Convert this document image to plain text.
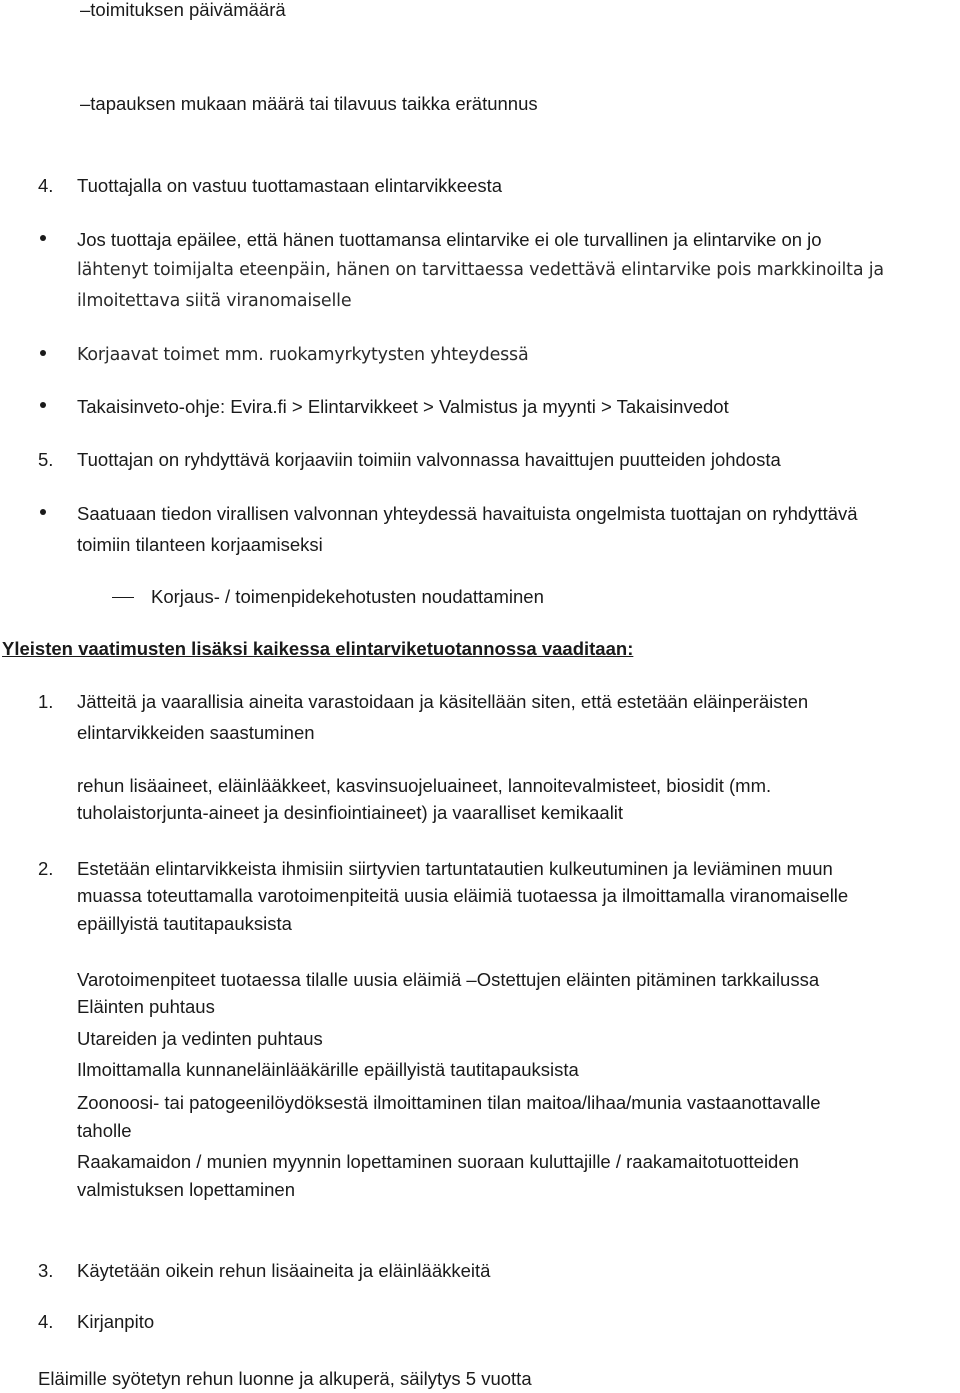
–toimituksen päivämäärä
–tapauksen mukaan määrä tai tilavuus taikka erätunnus
4. Tuottajalla on vastuu tuottamastaan elintarvikkeesta
Jos tuottaja epäilee, että hänen tuottamansa elintarvike ei ole turvallinen ja elintarvike on jo
lähtenyt toimijalta eteenpäin, hänen on tarvittaessa vedettävä elintarvike pois markkinoilta ja
ilmoitettava siitä viranomaiselle
Korjaavat toimet mm. ruokamyrkytysten yhteydessä
Takaisinveto-ohje: Evira.fi > Elintarvikkeet > Valmistus ja myynti > Takaisinvedot
5. Tuottajan on ryhdyttävä korjaaviin toimiin valvonnassa havaittujen puutteiden johdosta
Saatuaan tiedon virallisen valvonnan yhteydessä havaituista ongelmista tuottajan on ryhdyttävä
toimiin tilanteen korjaamiseksi
Korjaus- / toimenpidekehotusten noudattaminen
Yleisten vaatimusten lisäksi kaikessa elintarviketuotannossa vaaditaan:
1. Jätteitä ja vaarallisia aineita varastoidaan ja käsitellään siten, että estetään eläinperäisten
elintarvikkeiden saastuminen
rehun lisäaineet, eläinlääkkeet, kasvinsuojeluaineet, lannoitevalmisteet, biosidit (mm.
tuholaistorjunta-aineet ja desinfiointiaineet) ja vaaralliset kemikaalit
2. Estetään elintarvikkeista ihmisiin siirtyvien tartuntatautien kulkeutuminen ja leviäminen muun
muassa toteuttamalla varotoimenpiteitä uusia eläimiä tuotaessa ja ilmoittamalla viranomaiselle
epäillyistä tautitapauksista
Varotoimenpiteet tuotaessa tilalle uusia eläimiä –Ostettujen eläinten pitäminen tarkkailussa
Eläinten puhtaus
Utareiden ja vedinten puhtaus
Ilmoittamalla kunnaneläinlääkärille epäillyistä tautitapauksista
Zoonoosi- tai patogeenilöydöksestä ilmoittaminen tilan maitoa/lihaa/munia vastaanottavalle
taholle
Raakamaidon / munien myynnin lopettaminen suoraan kuluttajille / raakamaitotuotteiden
valmistuksen lopettaminen
3. Käytetään oikein rehun lisäaineita ja eläinlääkkeitä
4. Kirjanpito
Eläimille syötetyn rehun luonne ja alkuperä, säilytys 5 vuotta
